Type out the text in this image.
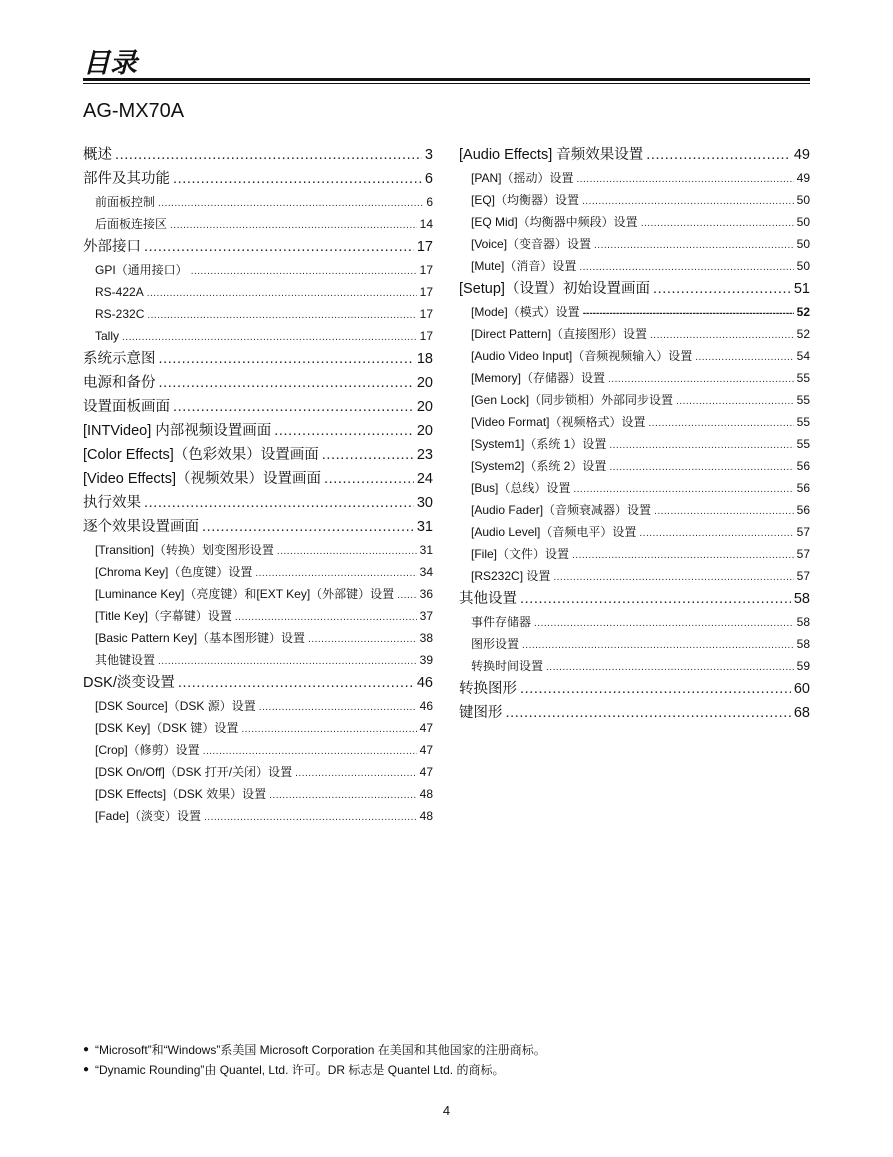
目录
AG-MX70A
概述 .....	3
部件及其功能 .....	6
前面板控制 .....	6
后面板连接区 .....	14
外部接口 .....	17
GPI（通用接口） .....	17
RS-422A .....	17
RS-232C .....	17
Tally .....	17
系统示意图 .....	18
电源和备份 .....	20
设置面板画面 .....	20
[INTVideo] 内部视频设置画面 .....	20
[Color Effects]（色彩效果）设置画面 .....	23
[Video Effects]（视频效果）设置画面 .....	24
执行效果 .....	30
逐个效果设置画面 .....	31
[Transition]（转换）划变图形设置 .....	31
[Chroma Key]（色度键）设置 .....	34
[Luminance Key]（亮度键）和[EXT Key]（外部键）设置 ..... 36
[Title Key]（字幕键）设置 .....	37
[Basic Pattern Key]（基本图形键）设置 .....	38
其他键设置 .....	39
DSK/淡变设置 .....	46
[DSK Source]（DSK 源）设置 .....	46
[DSK Key]（DSK 键）设置 .....	47
[Crop]（修剪）设置 .....	47
[DSK On/Off]（DSK 打开/关闭）设置 .....	47
[DSK Effects]（DSK 效果）设置 .....	48
[Fade]（淡变）设置 .....	48
[Audio Effects] 音频效果设置 .....	49
[PAN]（摇动）设置 .....	49
[EQ]（均衡器）设置 .....	50
[EQ Mid]（均衡器中频段）设置 .....	50
[Voice]（变音器）设置 .....	50
[Mute]（消音）设置 .....	50
[Setup]（设置）初始设置画面 .....	51
[Mode]（模式）设置 -----	52
[Direct Pattern]（直接图形）设置 .....	52
[Audio Video Input]（音频视频输入）设置 .....	54
[Memory]（存储器）设置 .....	55
[Gen Lock]（同步锁相）外部同步设置 .....	55
[Video Format]（视频格式）设置 .....	55
[System1]（系统 1）设置 .....	55
[System2]（系统 2）设置 .....	56
[Bus]（总线）设置 .....	56
[Audio Fader]（音频衰减器）设置 .....	56
[Audio Level]（音频电平）设置 .....	57
[File]（文件）设置 .....	57
[RS232C] 设置 .....	57
其他设置 .....	58
事件存储器 .....	58
图形设置 .....	58
转换时间设置 .....	59
转换图形 .....	60
键图形 .....	68
● “Microsoft”和“Windows”系美国 Microsoft Corporation 在美国和其他国家的注册商标。
● “Dynamic Rounding”由 Quantel, Ltd. 许可。DR 标志是 Quantel Ltd. 的商标。
4
